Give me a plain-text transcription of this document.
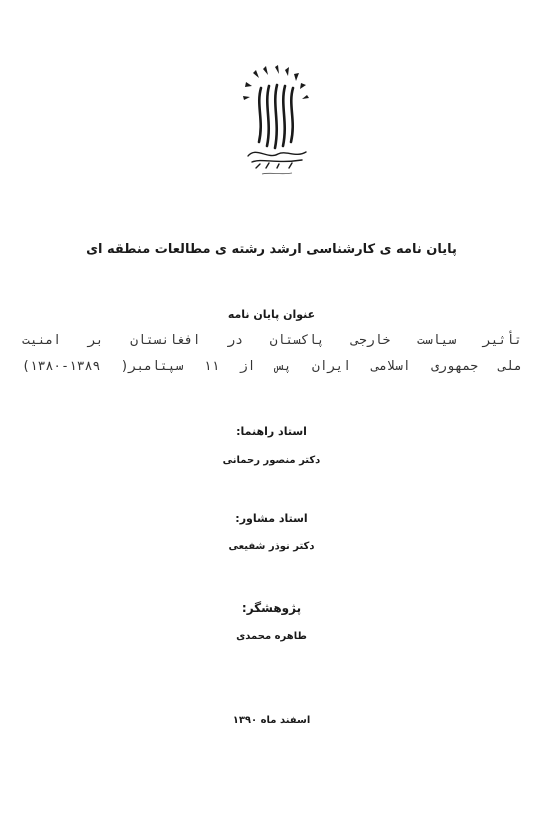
پایان نامه ی کارشناسی ارشد رشته ی مطالعات منطقه ای
عنوان پایان نامه
تأثیر سیاست خارجی پاکستان در افغانستان بر امنیت
ملی جمهوری اسلامی ایران پس از ۱۱ سپتامبر( ۱۳۸۹-۱۳۸۰)
استاد راهنما:
دکتر منصور رحمانی
استاد مشاور:
دکتر نوذر شفیعی
پژوهشگر:
طاهره محمدی
اسفند ماه ۱۳۹۰
